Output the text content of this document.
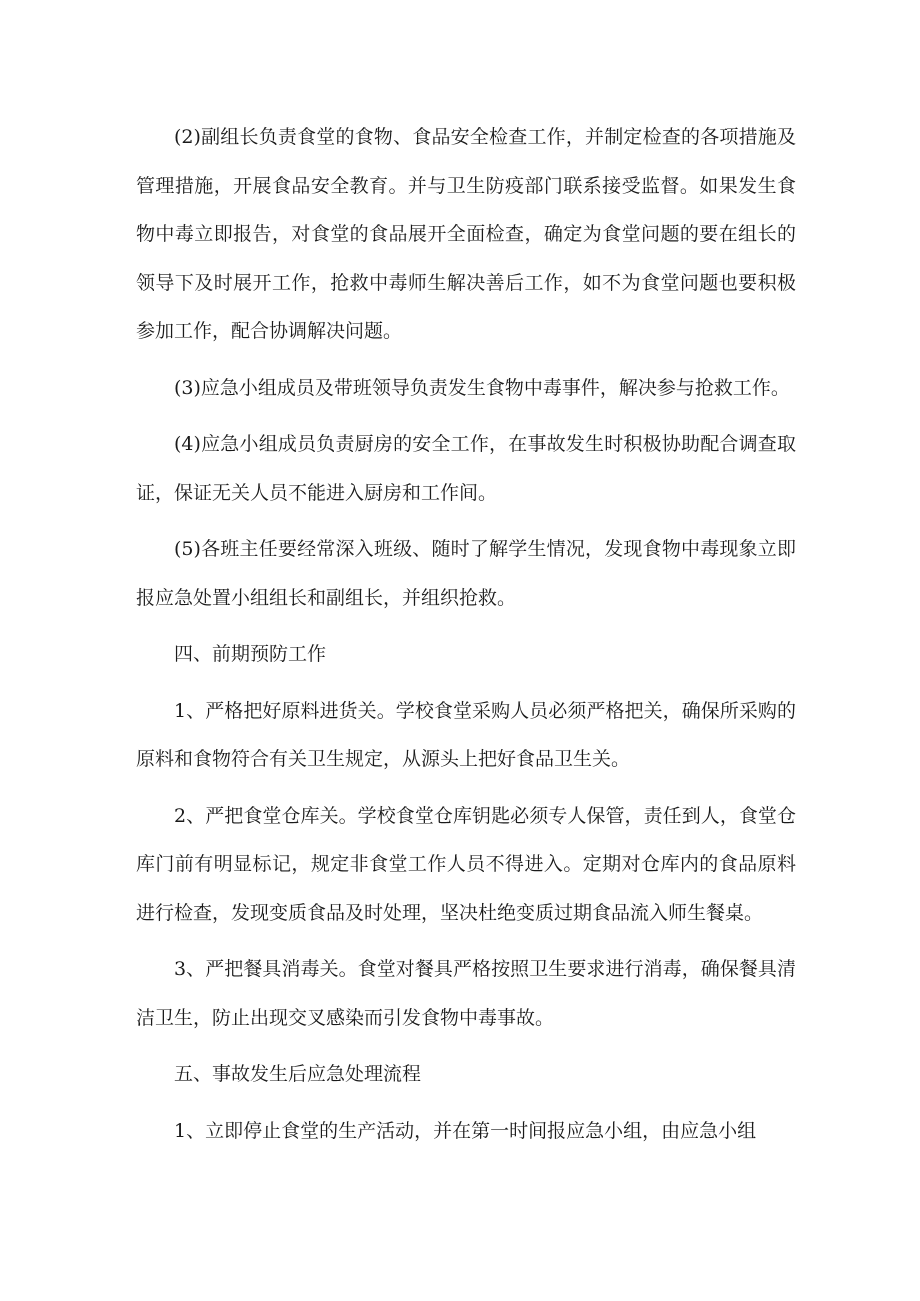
(2)副组长负责食堂的食物、食品安全检查工作，并制定检查的各项措施及管理措施，开展食品安全教育。并与卫生防疫部门联系接受监督。如果发生食物中毒立即报告，对食堂的食品展开全面检查，确定为食堂问题的要在组长的领导下及时展开工作，抢救中毒师生解决善后工作，如不为食堂问题也要积极参加工作，配合协调解决问题。

(3)应急小组成员及带班领导负责发生食物中毒事件，解决参与抢救工作。

(4)应急小组成员负责厨房的安全工作，在事故发生时积极协助配合调查取证，保证无关人员不能进入厨房和工作间。

(5)各班主任要经常深入班级、随时了解学生情况，发现食物中毒现象立即报应急处置小组组长和副组长，并组织抢救。

四、前期预防工作

1、严格把好原料进货关。学校食堂采购人员必须严格把关，确保所采购的原料和食物符合有关卫生规定，从源头上把好食品卫生关。

2、严把食堂仓库关。学校食堂仓库钥匙必须专人保管，责任到人，食堂仓库门前有明显标记，规定非食堂工作人员不得进入。定期对仓库内的食品原料进行检查，发现变质食品及时处理，坚决杜绝变质过期食品流入师生餐桌。

3、严把餐具消毒关。食堂对餐具严格按照卫生要求进行消毒，确保餐具清洁卫生，防止出现交叉感染而引发食物中毒事故。

五、事故发生后应急处理流程

1、立即停止食堂的生产活动，并在第一时间报应急小组，由应急小组
